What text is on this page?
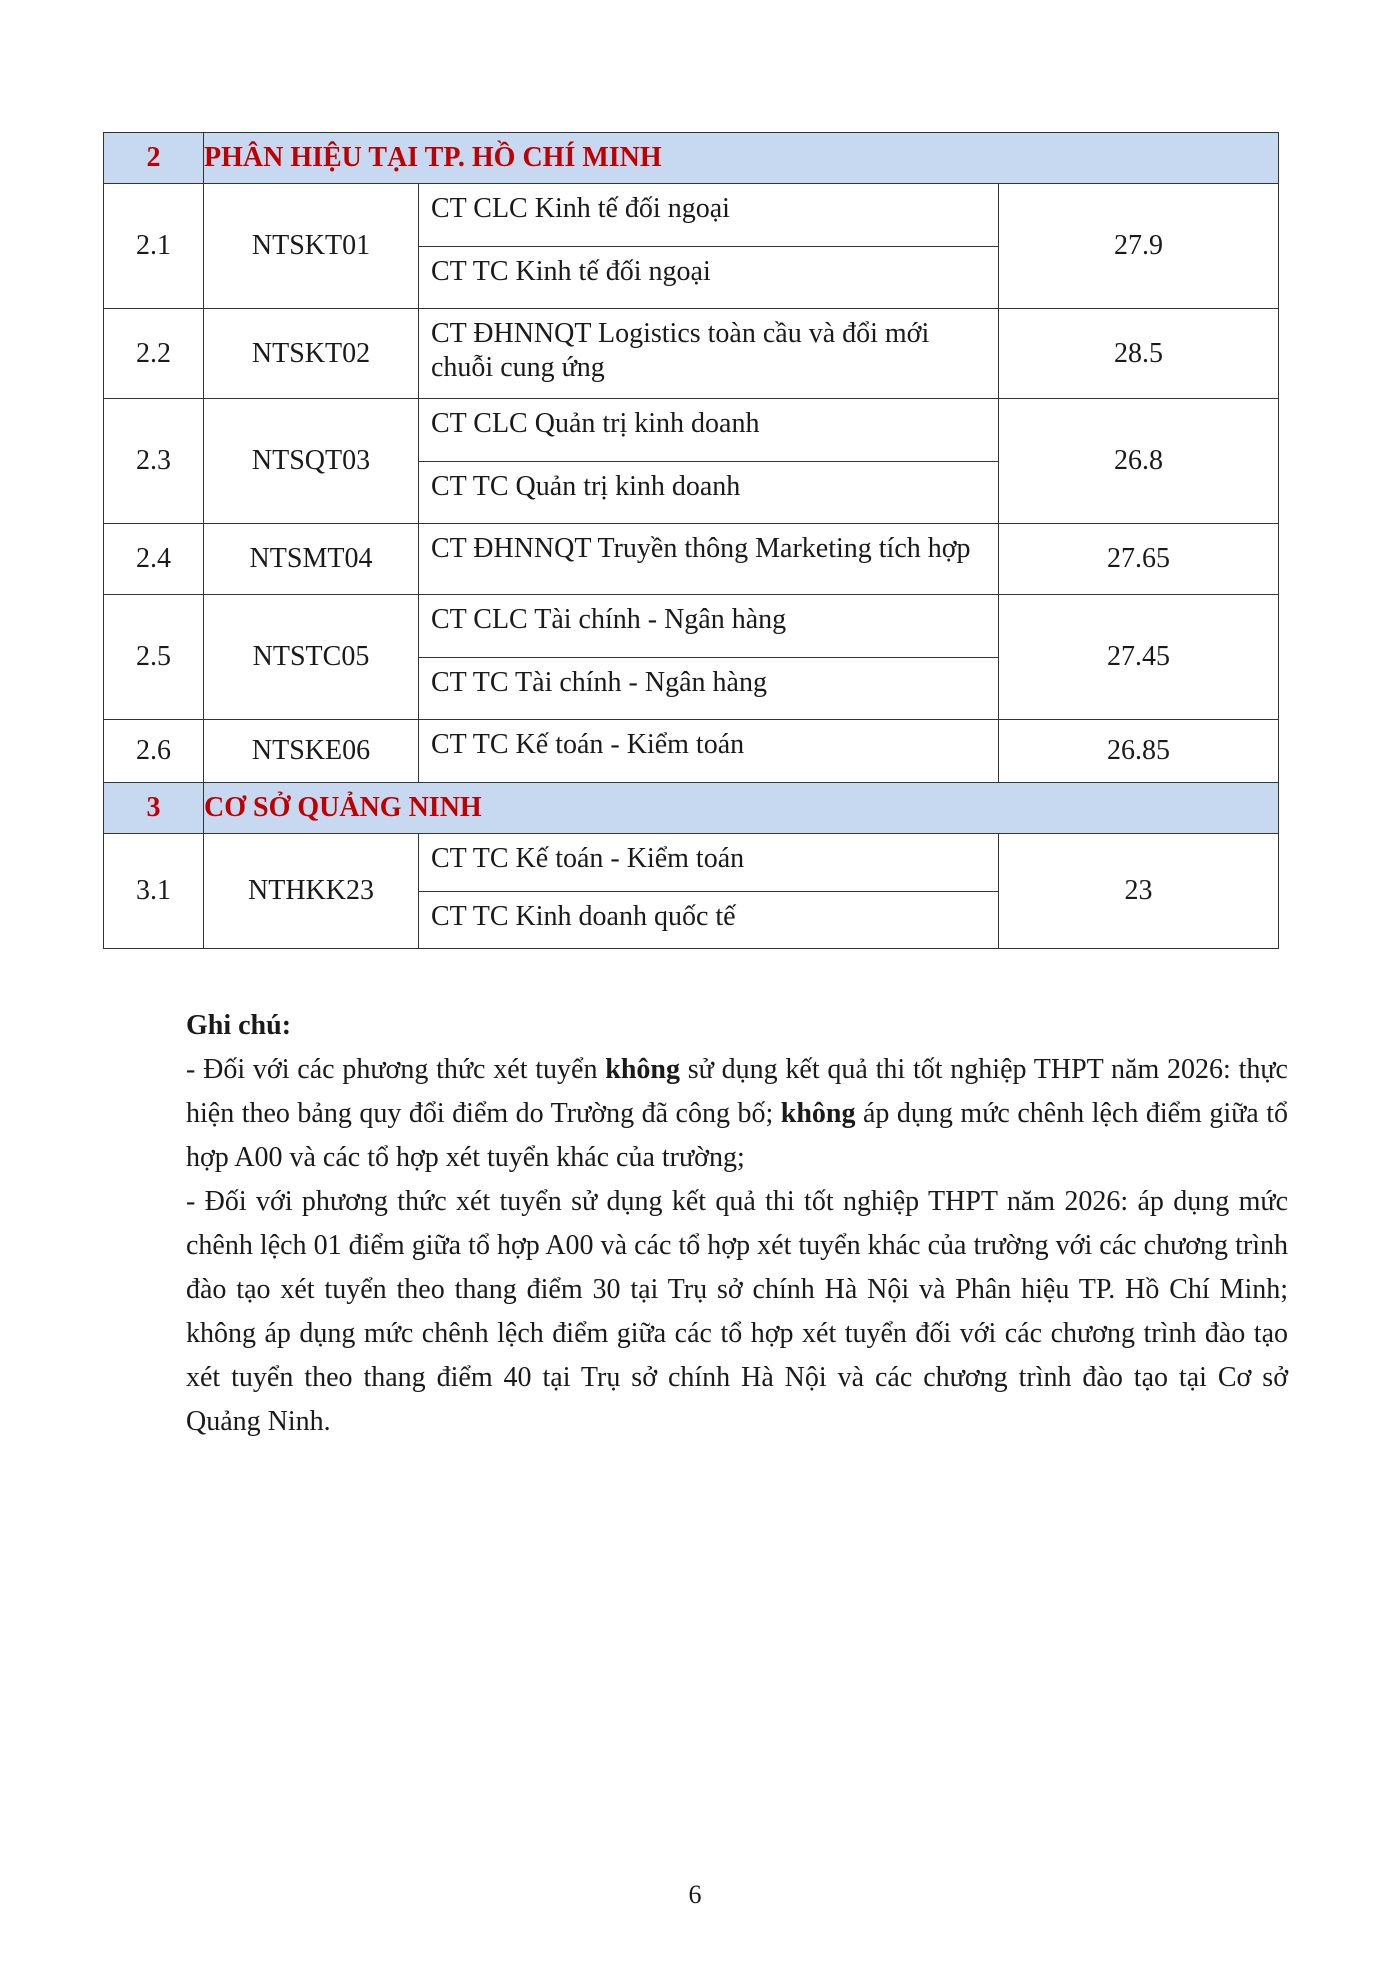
2	PHÂN HIỆU TẠI TP. HỒ CHÍ MINH		
2.1	NTSKT01	CT CLC Kinh tế đối ngoại
CT TC Kinh tế đối ngoại	27.9
2.2	NTSKT02	CT ĐHNNQT Logistics toàn cầu và đổi mới chuỗi cung ứng	28.5
2.3	NTSQT03	CT CLC Quản trị kinh doanh
CT TC Quản trị kinh doanh	26.8
2.4	NTSMT04	CT ĐHNNQT Truyền thông Marketing tích hợp	27.65
2.5	NTSTC05	CT CLC Tài chính - Ngân hàng
CT TC Tài chính - Ngân hàng	27.45
2.6	NTSKE06	CT TC Kế toán - Kiểm toán	26.85
3	CƠ SỞ QUẢNG NINH		
3.1	NTHKK23	CT TC Kế toán - Kiểm toán
CT TC Kinh doanh quốc tế	23
Ghi chú:

- Đối với các phương thức xét tuyển không sử dụng kết quả thi tốt nghiệp THPT năm 2026: thực hiện theo bảng quy đổi điểm do Trường đã công bố; không áp dụng mức chênh lệch điểm giữa tổ hợp A00 và các tổ hợp xét tuyển khác của trường;

- Đối với phương thức xét tuyển sử dụng kết quả thi tốt nghiệp THPT năm 2026: áp dụng mức chênh lệch 01 điểm giữa tổ hợp A00 và các tổ hợp xét tuyển khác của trường với các chương trình đào tạo xét tuyển theo thang điểm 30 tại Trụ sở chính Hà Nội và Phân hiệu TP. Hồ Chí Minh; không áp dụng mức chênh lệch điểm giữa các tổ hợp xét tuyển đối với các chương trình đào tạo xét tuyển theo thang điểm 40 tại Trụ sở chính Hà Nội và các chương trình đào tạo tại Cơ sở Quảng Ninh.

6
